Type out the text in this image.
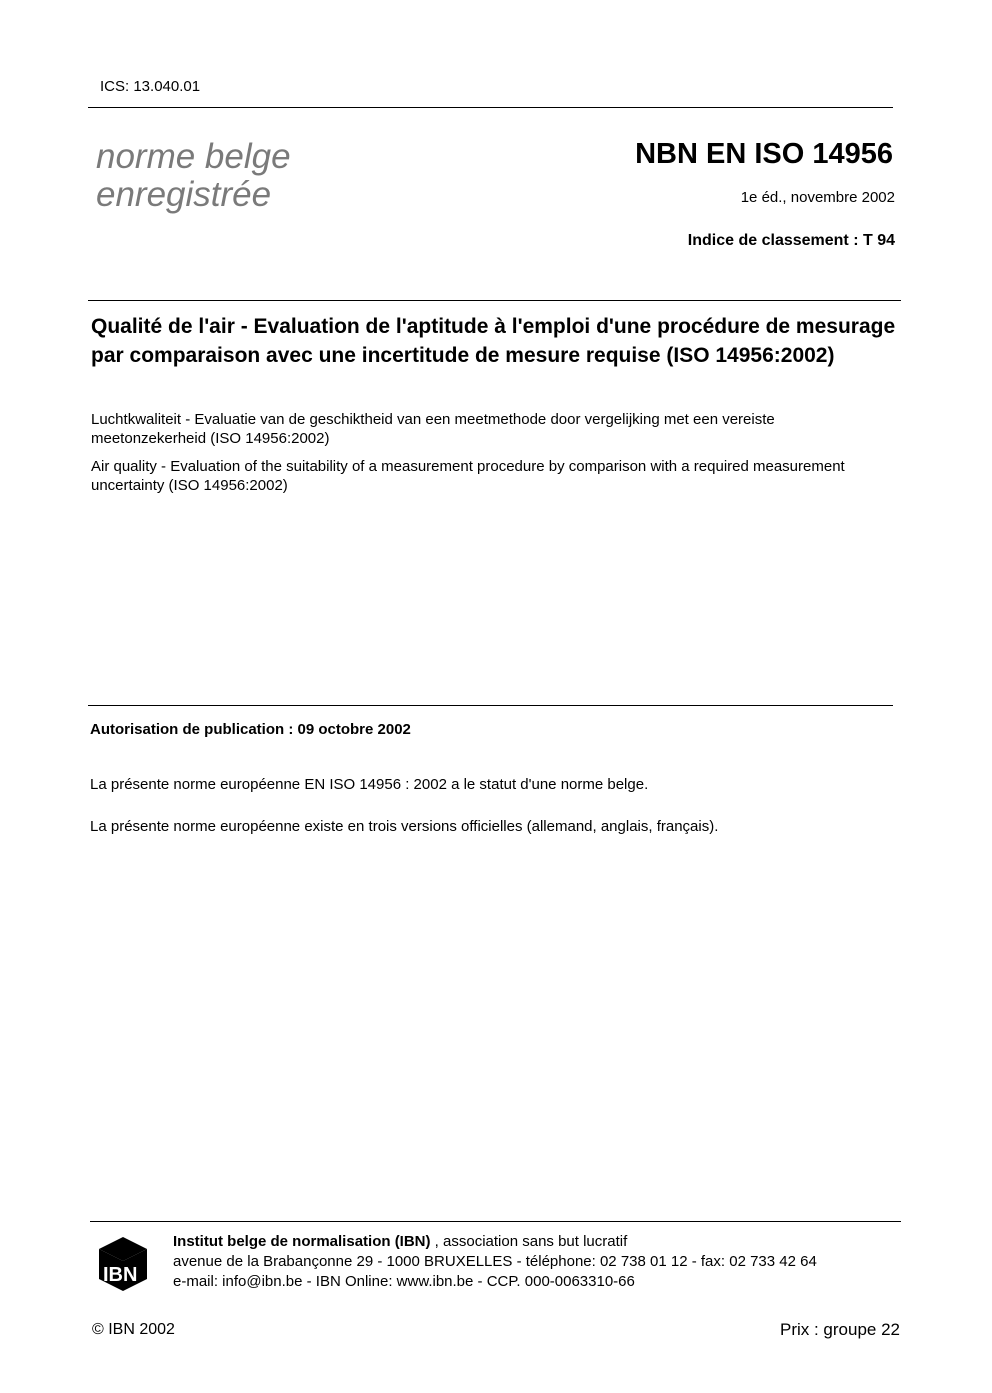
ICS: 13.040.01
norme belge
enregistrée
NBN EN ISO 14956
1e éd., novembre 2002
Indice de classement : T 94
Qualité de l'air - Evaluation de l'aptitude à l'emploi d'une procédure de mesurage par comparaison avec une incertitude de mesure requise (ISO 14956:2002)
Luchtkwaliteit - Evaluatie van de geschiktheid van een meetmethode door vergelijking met een vereiste meetonzekerheid (ISO 14956:2002)
Air quality - Evaluation of the suitability of a measurement procedure by comparison with a required measurement uncertainty (ISO 14956:2002)
Autorisation de publication : 09 octobre 2002
La présente norme européenne EN ISO 14956 : 2002 a le statut d'une norme belge.
La présente norme européenne existe en trois versions officielles (allemand, anglais, français).
IBN
Institut belge de normalisation (IBN) , association sans but lucratif
avenue de la Brabançonne 29 - 1000 BRUXELLES - téléphone: 02 738 01 12 - fax: 02 733 42 64
e-mail: info@ibn.be - IBN Online: www.ibn.be - CCP. 000-0063310-66
© IBN 2002	Prix : groupe 22
